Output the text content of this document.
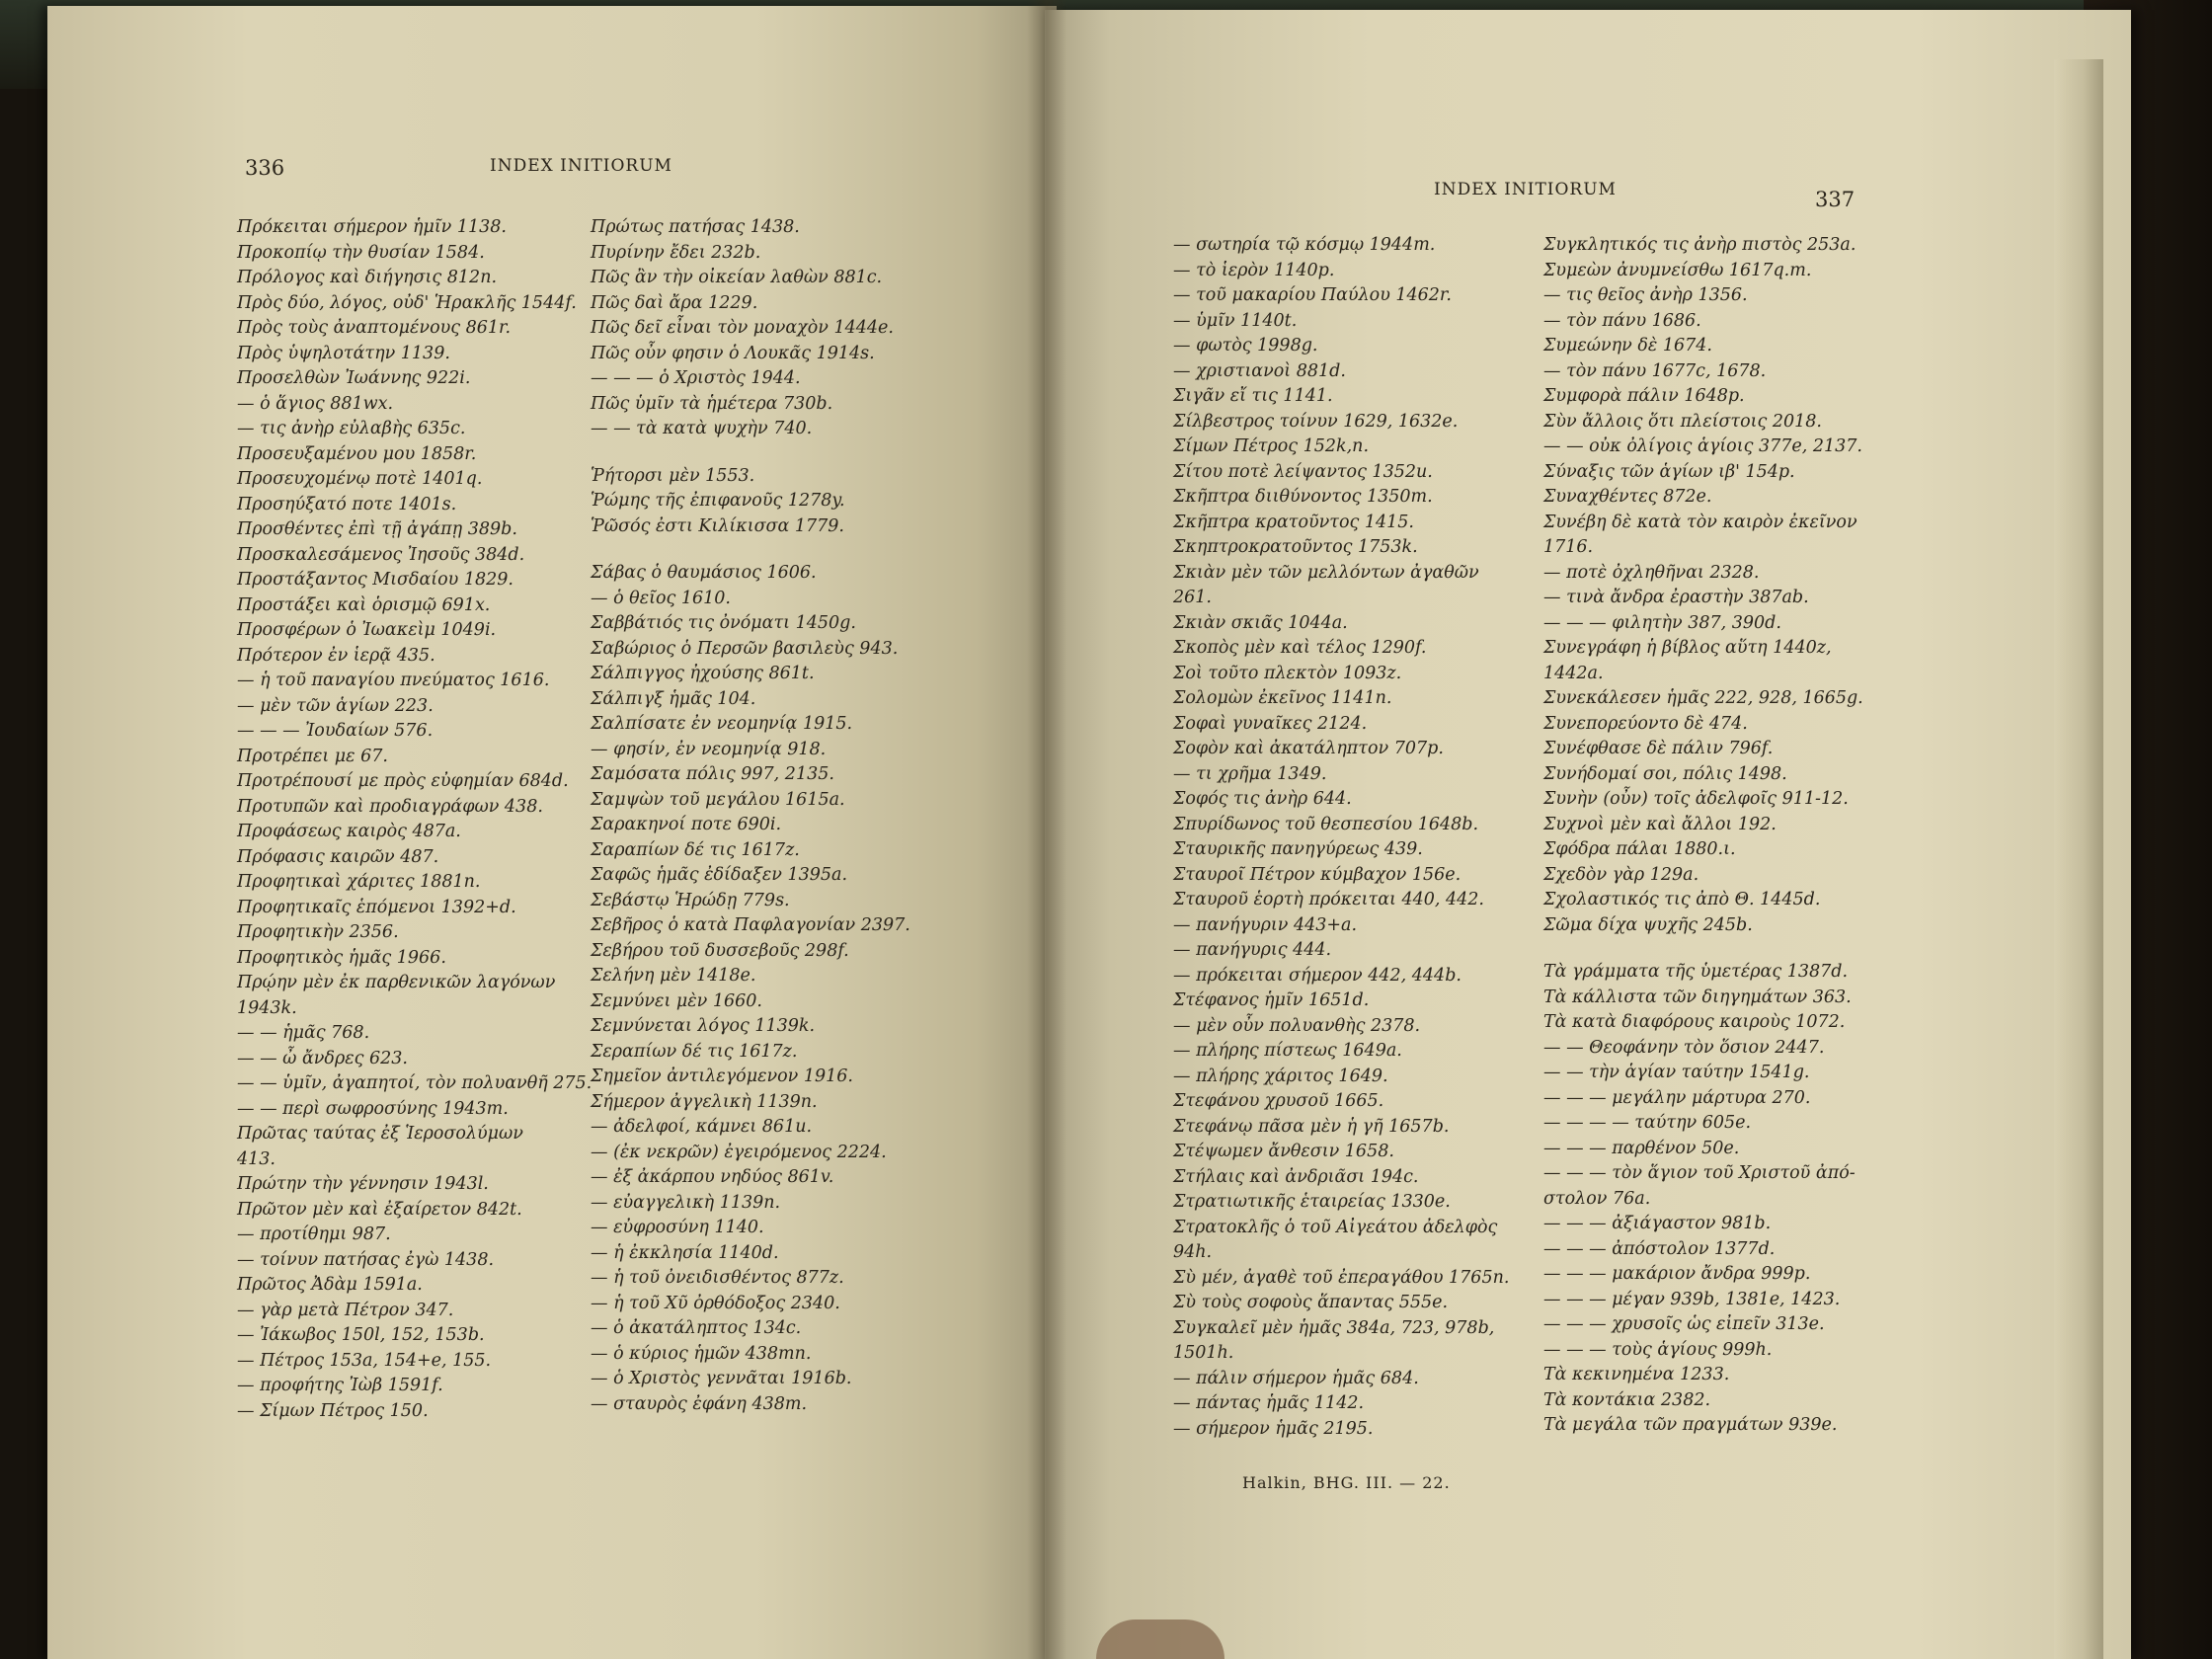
336	INDEX INITIORUM
Πρόκειται σήμερον ἡμῖν 1138.
Προκοπίῳ τὴν θυσίαν 1584.
Πρόλογος καὶ διήγησις 812n.
Πρὸς δύο, λόγος, οὐδ' Ἡρακλῆς 1544f.
Πρὸς τοὺς ἀναπτομένους 861r.
Πρὸς ὑψηλοτάτην 1139.
Προσελθὼν Ἰωάννης 922i.
— ὁ ἅγιος 881wx.
— τις ἀνὴρ εὐλαβὴς 635c.
Προσευξαμένου μου 1858r.
Προσευχομένῳ ποτὲ 1401q.
Προσηύξατό ποτε 1401s.
Προσθέντες ἐπὶ τῇ ἀγάπῃ 389b.
Προσκαλεσάμενος Ἰησοῦς 384d.
Προστάξαντος Μισδαίου 1829.
Προστάξει καὶ ὁρισμῷ 691x.
Προσφέρων ὁ Ἰωακεὶμ 1049i.
Πρότερον ἐν ἱερᾷ 435.
— ἡ τοῦ παναγίου πνεύματος 1616.
— μὲν τῶν ἁγίων 223.
— — — Ἰουδαίων 576.
Προτρέπει με 67.
Προτρέπουσί με πρὸς εὐφημίαν 684d.
Προτυπῶν καὶ προδιαγράφων 438.
Προφάσεως καιρὸς 487a.
Πρόφασις καιρῶν 487.
Προφητικαὶ χάριτες 1881n.
Προφητικαῖς ἑπόμενοι 1392+d.
Προφητικὴν 2356.
Προφητικὸς ἡμᾶς 1966.
Πρῴην μὲν ἐκ παρθενικῶν λαγόνων
1943k.
— — ἡμᾶς 768.
— — ὦ ἄνδρες 623.
— — ὑμῖν, ἀγαπητοί, τὸν πολυανθῆ 275.
— — περὶ σωφροσύνης 1943m.
Πρῶτας ταύτας ἐξ Ἱεροσολύμων
413.
Πρώτην τὴν γέννησιν 1943l.
Πρῶτον μὲν καὶ ἐξαίρετον 842t.
— προτίθημι 987.
— τοίνυν πατήσας ἐγὼ 1438.
Πρῶτος Ἀδὰμ 1591a.
— γὰρ μετὰ Πέτρον 347.
— Ἰάκωβος 150l, 152, 153b.
— Πέτρος 153a, 154+e, 155.
— προφήτης Ἰὼβ 1591f.
— Σίμων Πέτρος 150.
Πρώτως πατήσας 1438.
Πυρίνην ἔδει 232b.
Πῶς ἂν τὴν οἰκείαν λαθὼν 881c.
Πῶς δαὶ ἄρα 1229.
Πῶς δεῖ εἶναι τὸν μοναχὸν 1444e.
Πῶς οὖν φησιν ὁ Λουκᾶς 1914s.
— — — ὁ Χριστὸς 1944.
Πῶς ὑμῖν τὰ ἡμέτερα 730b.
— — τὰ κατὰ ψυχὴν 740.
Ῥήτορσι μὲν 1553.
Ῥώμης τῆς ἐπιφανοῦς 1278y.
Ῥῶσός ἐστι Κιλίκισσα 1779.
Σάβας ὁ θαυμάσιος 1606.
— ὁ θεῖος 1610.
Σαββάτιός τις ὀνόματι 1450g.
Σαβώριος ὁ Περσῶν βασιλεὺς 943.
Σάλπιγγος ἠχούσης 861t.
Σάλπιγξ ἡμᾶς 104.
Σαλπίσατε ἐν νεομηνίᾳ 1915.
— φησίν, ἐν νεομηνίᾳ 918.
Σαμόσατα πόλις 997, 2135.
Σαμψὼν τοῦ μεγάλου 1615a.
Σαρακηνοί ποτε 690i.
Σαραπίων δέ τις 1617z.
Σαφῶς ἡμᾶς ἐδίδαξεν 1395a.
Σεβάστῳ Ἡρώδῃ 779s.
Σεβῆρος ὁ κατὰ Παφλαγονίαν 2397.
Σεβήρου τοῦ δυσσεβοῦς 298f.
Σελήνη μὲν 1418e.
Σεμνύνει μὲν 1660.
Σεμνύνεται λόγος 1139k.
Σεραπίων δέ τις 1617z.
Σημεῖον ἀντιλεγόμενον 1916.
Σήμερον ἀγγελικὴ 1139n.
— ἀδελφοί, κάμνει 861u.
— (ἐκ νεκρῶν) ἐγειρόμενος 2224.
— ἐξ ἀκάρπου νηδύος 861v.
— εὐαγγελικὴ 1139n.
— εὐφροσύνη 1140.
— ἡ ἐκκλησία 1140d.
— ἡ τοῦ ὀνειδισθέντος 877z.
— ἡ τοῦ Χῦ ὀρθόδοξος 2340.
— ὁ ἀκατάληπτος 134c.
— ὁ κύριος ἡμῶν 438mn.
— ὁ Χριστὸς γεννᾶται 1916b.
— σταυρὸς ἐφάνη 438m.
INDEX INITIORUM	337
— σωτηρία τῷ κόσμῳ 1944m.
— τὸ ἱερὸν 1140p.
— τοῦ μακαρίου Παύλου 1462r.
— ὑμῖν 1140t.
— φωτὸς 1998g.
— χριστιανοὶ 881d.
Σιγᾶν εἴ τις 1141.
Σίλβεστρος τοίνυν 1629, 1632e.
Σίμων Πέτρος 152k,n.
Σίτου ποτὲ λείψαντος 1352u.
Σκῆπτρα διιθύνοντος 1350m.
Σκῆπτρα κρατοῦντος 1415.
Σκηπτροκρατοῦντος 1753k.
Σκιὰν μὲν τῶν μελλόντων ἀγαθῶν
261.
Σκιὰν σκιᾶς 1044a.
Σκοπὸς μὲν καὶ τέλος 1290f.
Σοὶ τοῦτο πλεκτὸν 1093z.
Σολομὼν ἐκεῖνος 1141n.
Σοφαὶ γυναῖκες 2124.
Σοφὸν καὶ ἀκατάληπτον 707p.
— τι χρῆμα 1349.
Σοφός τις ἀνὴρ 644.
Σπυρίδωνος τοῦ θεσπεσίου 1648b.
Σταυρικῆς πανηγύρεως 439.
Σταυροῖ Πέτρον κύμβαχον 156e.
Σταυροῦ ἑορτὴ πρόκειται 440, 442.
— πανήγυριν 443+a.
— πανήγυρις 444.
— πρόκειται σήμερον 442, 444b.
Στέφανος ἡμῖν 1651d.
— μὲν οὖν πολυανθὴς 2378.
— πλήρης πίστεως 1649a.
— πλήρης χάριτος 1649.
Στεφάνου χρυσοῦ 1665.
Στεφάνῳ πᾶσα μὲν ἡ γῆ 1657b.
Στέψωμεν ἄνθεσιν 1658.
Στήλαις καὶ ἀνδριᾶσι 194c.
Στρατιωτικῆς ἑταιρείας 1330e.
Στρατοκλῆς ὁ τοῦ Αἰγεάτου ἀδελφὸς
94h.
Σὺ μέν, ἀγαθὲ τοῦ ἐπεραγάθου 1765n.
Σὺ τοὺς σοφοὺς ἅπαντας 555e.
Συγκαλεῖ μὲν ἡμᾶς 384a, 723, 978b,
1501h.
— πάλιν σήμερον ἡμᾶς 684.
— πάντας ἡμᾶς 1142.
— σήμερον ἡμᾶς 2195.
Συγκλητικός τις ἀνὴρ πιστὸς 253a.
Συμεὼν ἀνυμνείσθω 1617q.m.
— τις θεῖος ἀνὴρ 1356.
— τὸν πάνυ 1686.
Συμεώνην δὲ 1674.
— τὸν πάνυ 1677c, 1678.
Συμφορὰ πάλιν 1648p.
Σὺν ἄλλοις ὅτι πλείστοις 2018.
— — οὐκ ὀλίγοις ἁγίοις 377e, 2137.
Σύναξις τῶν ἁγίων ιβ' 154p.
Συναχθέντες 872e.
Συνέβη δὲ κατὰ τὸν καιρὸν ἐκεῖνον
1716.
— ποτὲ ὀχληθῆναι 2328.
— τινὰ ἄνδρα ἐραστὴν 387ab.
— — — φιλητὴν 387, 390d.
Συνεγράφη ἡ βίβλος αὕτη 1440z,
1442a.
Συνεκάλεσεν ἡμᾶς 222, 928, 1665g.
Συνεπορεύοντο δὲ 474.
Συνέφθασε δὲ πάλιν 796f.
Συνήδομαί σοι, πόλις 1498.
Συνὴν (οὖν) τοῖς ἀδελφοῖς 911-12.
Συχνοὶ μὲν καὶ ἄλλοι 192.
Σφόδρα πάλαι 1880.ι.
Σχεδὸν γὰρ 129a.
Σχολαστικός τις ἀπὸ Θ. 1445d.
Σῶμα δίχα ψυχῆς 245b.
Τὰ γράμματα τῆς ὑμετέρας 1387d.
Τὰ κάλλιστα τῶν διηγημάτων 363.
Τὰ κατὰ διαφόρους καιροὺς 1072.
— — Θεοφάνην τὸν ὅσιον 2447.
— — τὴν ἁγίαν ταύτην 1541g.
— — — μεγάλην μάρτυρα 270.
— — — — ταύτην 605e.
— — — παρθένον 50e.
— — — τὸν ἅγιον τοῦ Χριστοῦ ἀπό-
στολον 76a.
— — — ἀξιάγαστον 981b.
— — — ἀπόστολον 1377d.
— — — μακάριον ἄνδρα 999p.
— — — μέγαν 939b, 1381e, 1423.
— — — χρυσοῖς ὡς εἰπεῖν 313e.
— — — τοὺς ἁγίους 999h.
Τὰ κεκινημένα 1233.
Τὰ κοντάκια 2382.
Τὰ μεγάλα τῶν πραγμάτων 939e.
Halkin, BHG. III. — 22.
